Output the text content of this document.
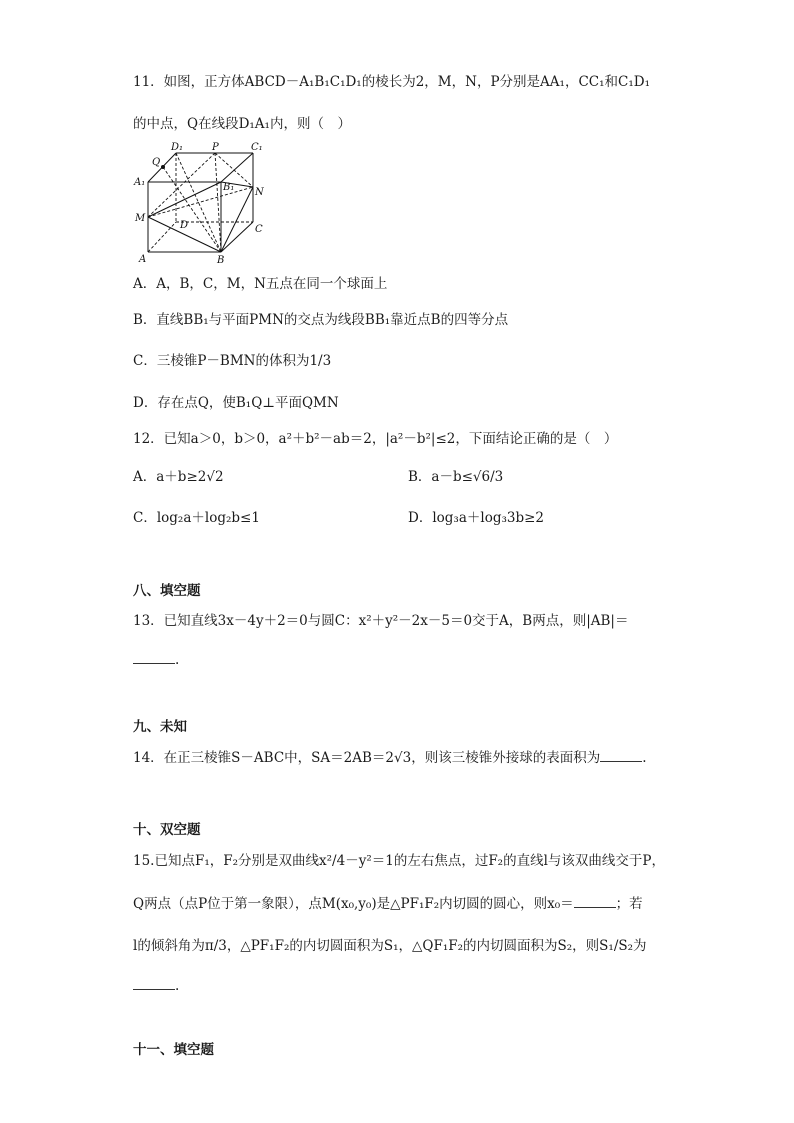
11．如图，正方体ABCD－A₁B₁C₁D₁的棱长为2，M，N，P分别是AA₁，CC₁和C₁D₁
的中点，Q在线段D₁A₁内，则（　）
Q
D₁	P	C₁
A₁	B₁ N
M
D	C
A	B
A．A，B，C，M，N五点在同一个球面上
B．直线BB₁与平面PMN的交点为线段BB₁靠近点B的四等分点
C．三棱锥P－BMN的体积为1/3
D．存在点Q，使B₁Q⊥平面QMN
12．已知a＞0，b＞0，a²＋b²－ab＝2，|a²－b²|≤2，下面结论正确的是（　）
A．a＋b≥2√2	B．a－b≤√6/3
C．log₂a＋log₂b≤1	D．log₃a＋log₃3b≥2
八、填空题
13．已知直线3x－4y＋2＝0与圆C：x²＋y²－2x－5＝0交于A，B两点，则|AB|＝
.
九、未知
14．在正三棱锥S－ABC中，SA＝2AB＝2√3，则该三棱锥外接球的表面积为	.
十、双空题
15.已知点F₁，F₂分别是双曲线x²/4－y²＝1的左右焦点，过F₂的直线l与该双曲线交于P，
Q两点（点P位于第一象限），点M(x₀,y₀)是△PF₁F₂内切圆的圆心，则x₀＝	；若
l的倾斜角为π/3，△PF₁F₂的内切圆面积为S₁，△QF₁F₂的内切圆面积为S₂，则S₁/S₂为
.
十一、填空题
